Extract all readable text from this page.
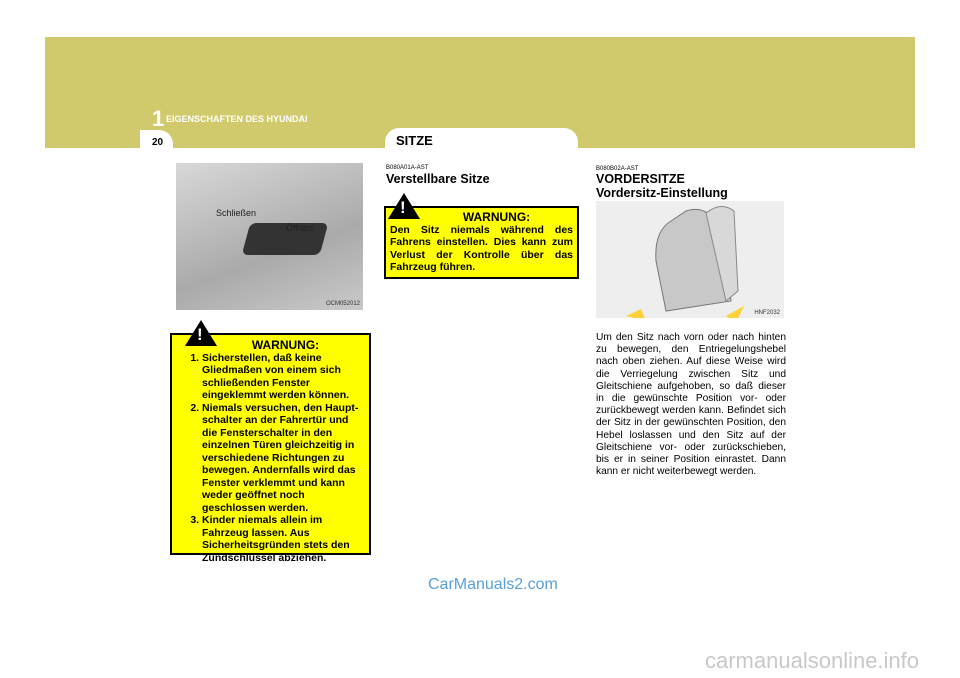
1 EIGENSCHAFTEN DES HYUNDAI
20	SITZE
Schließen
Öffnen
OCM052012
WARNUNG:
1. Sicherstellen, daß keine Gliedmaßen von einem sich schließenden Fenster eingeklemmt werden können.
2. Niemals versuchen, den Haupt-schalter an der Fahrertür und die Fensterschalter in den einzelnen Türen gleichzeitig in verschiedene Richtungen zu bewegen. Andernfalls wird das Fenster verklemmt und kann weder geöffnet noch geschlossen werden.
3. Kinder niemals allein im Fahrzeug lassen. Aus Sicherheitsgründen stets den Zündschlüssel abziehen.
!
B080A01A-AST
Verstellbare Sitze
WARNUNG:
Den Sitz niemals während des Fahrens einstellen. Dies kann zum Verlust der Kontrolle über das Fahrzeug führen.
!
B080B02A-AST
VORDERSITZE
Vordersitz-Einstellung
HNF2032
Um den Sitz nach vorn oder nach hinten zu bewegen, den Entriegelungshebel nach oben ziehen. Auf diese Weise wird die Verriegelung zwischen Sitz und Gleitschiene aufgehoben, so daß dieser in die gewünschte Position vor- oder zurückbewegt werden kann. Befindet sich der Sitz in der gewünschten Position, den Hebel loslassen und den Sitz auf der Gleitschiene vor- oder zurückschieben, bis er in seiner Position einrastet. Dann kann er nicht weiterbewegt werden.
CarManuals2.com
carmanualsonline.info
